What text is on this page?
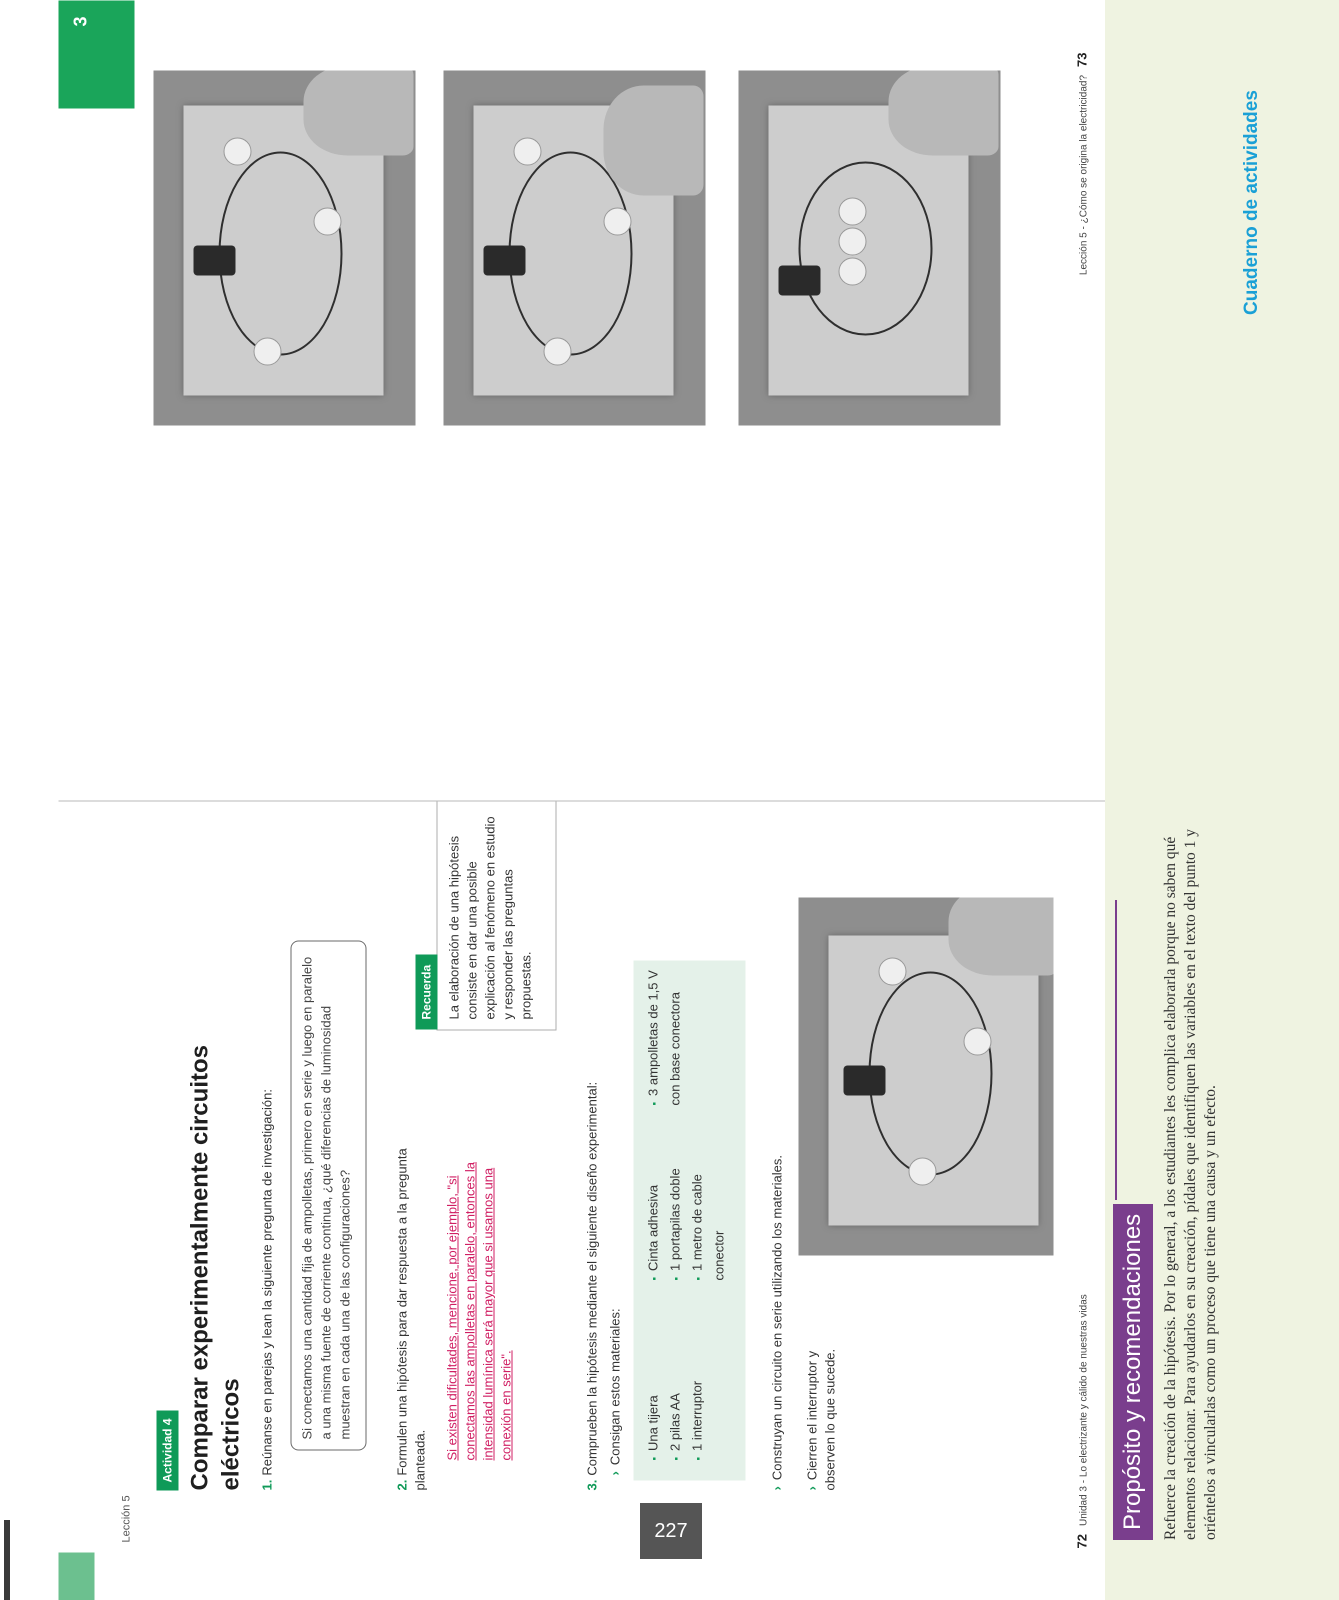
Lección 5
Actividad 4 Comparar experimentalmente circuitos eléctricos 1.Reúnanse en parejas y lean la siguiente pregunta de investigación:	Si conectamos una cantidad fija de ampolletas, primero en serie y luego en paralelo a una misma fuente de corriente continua, ¿qué diferencias de luminosidad muestran en cada una de las configuraciones?
2.Formulen una hipótesis para dar respuesta a la pregunta planteada. Si existen dificultades, mencione, por ejemplo, "si conectamos las ampolletas en paralelo, entonces la intensidad lumínica será mayor que si usamos una conexión en serie".
Recuerda	La elaboración de una hipótesis consiste en dar una posible explicación al fenómeno en estudio y responder las preguntas propuestas.
3.Comprueben la hipótesis mediante el siguiente diseño experimental: ›Consigan estos materiales: ▪ Una tijera ▪ 2 pilas AA ▪ 1 interruptor
▪ Cinta adhesiva ▪ 1 portapilas doble ▪ 1 metro de cable conector
▪ 3 ampolletas de 1,5 V con base conectora
›Construyan un circuito en serie utilizando los materiales.
›Cierren el interruptor y observen lo que sucede.
72Unidad 3 - Lo electrizante y cálido de nuestras vidas
3
Lección 5 - ¿Cómo se origina la electricidad?73
227
Propósito y recomendaciones	Refuerce la creación de la hipótesis. Por lo general, a los estudiantes les complica elaborarla porque no saben qué elementos relacionar. Para ayudarlos en su creación, pídales que identifiquen las variables en el texto del punto 1 y oriéntelos a vincularlas como un proceso que tiene una causa y un efecto.
Cuaderno de actividades
